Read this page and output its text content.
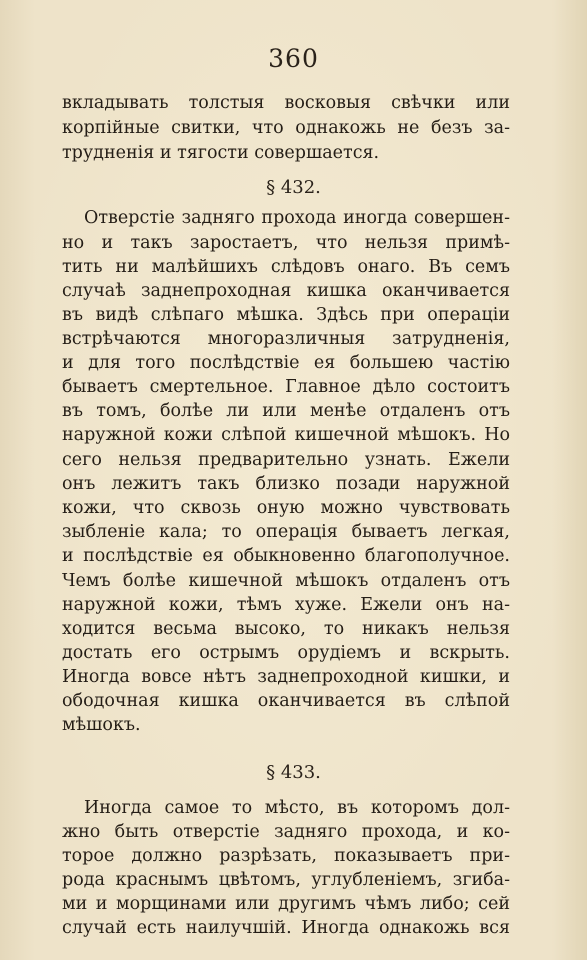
360
вкладывать толстыя восковыя свѣчки или
корпійные свитки, что однакожь не безъ за-
трудненія и тягости совершается.
§ 432.
Отверстіе задняго прохода иногда совершен-
но и такъ заростаетъ, что нельзя примѣ-
тить ни малѣйшихъ слѣдовъ онаго. Въ семъ
случаѣ заднепроходная кишка оканчивается
въ видѣ слѣпаго мѣшка. Здѣсь при операціи
встрѣчаются многоразличныя затрудненія,
и для того послѣдствіе ея большею частію
бываетъ смертельное. Главное дѣло состоитъ
въ томъ, болѣе ли или менѣе отдаленъ отъ
наружной кожи слѣпой кишечной мѣшокъ. Но
сего нельзя предварительно узнать. Ежели
онъ лежитъ такъ близко позади наружной
кожи, что сквозь оную можно чувствовать
зыбленіе кала; то операція бываетъ легкая,
и послѣдствіе ея обыкновенно благополучное.
Чемъ болѣе кишечной мѣшокъ отдаленъ отъ
наружной кожи, тѣмъ хуже. Ежели онъ на-
ходится весьма высоко, то никакъ нельзя
достать его острымъ орудіемъ и вскрыть.
Иногда вовсе нѣтъ заднепроходной кишки, и
ободочная кишка оканчивается въ слѣпой
мѣшокъ.
§ 433.
Иногда самое то мѣсто, въ которомъ дол-
жно быть отверстіе задняго прохода, и ко-
торое должно разрѣзать, показываетъ при-
рода краснымъ цвѣтомъ, углубленіемъ, згиба-
ми и морщинами или другимъ чѣмъ либо; сей
случай есть наилучшій. Иногда однакожь вся
